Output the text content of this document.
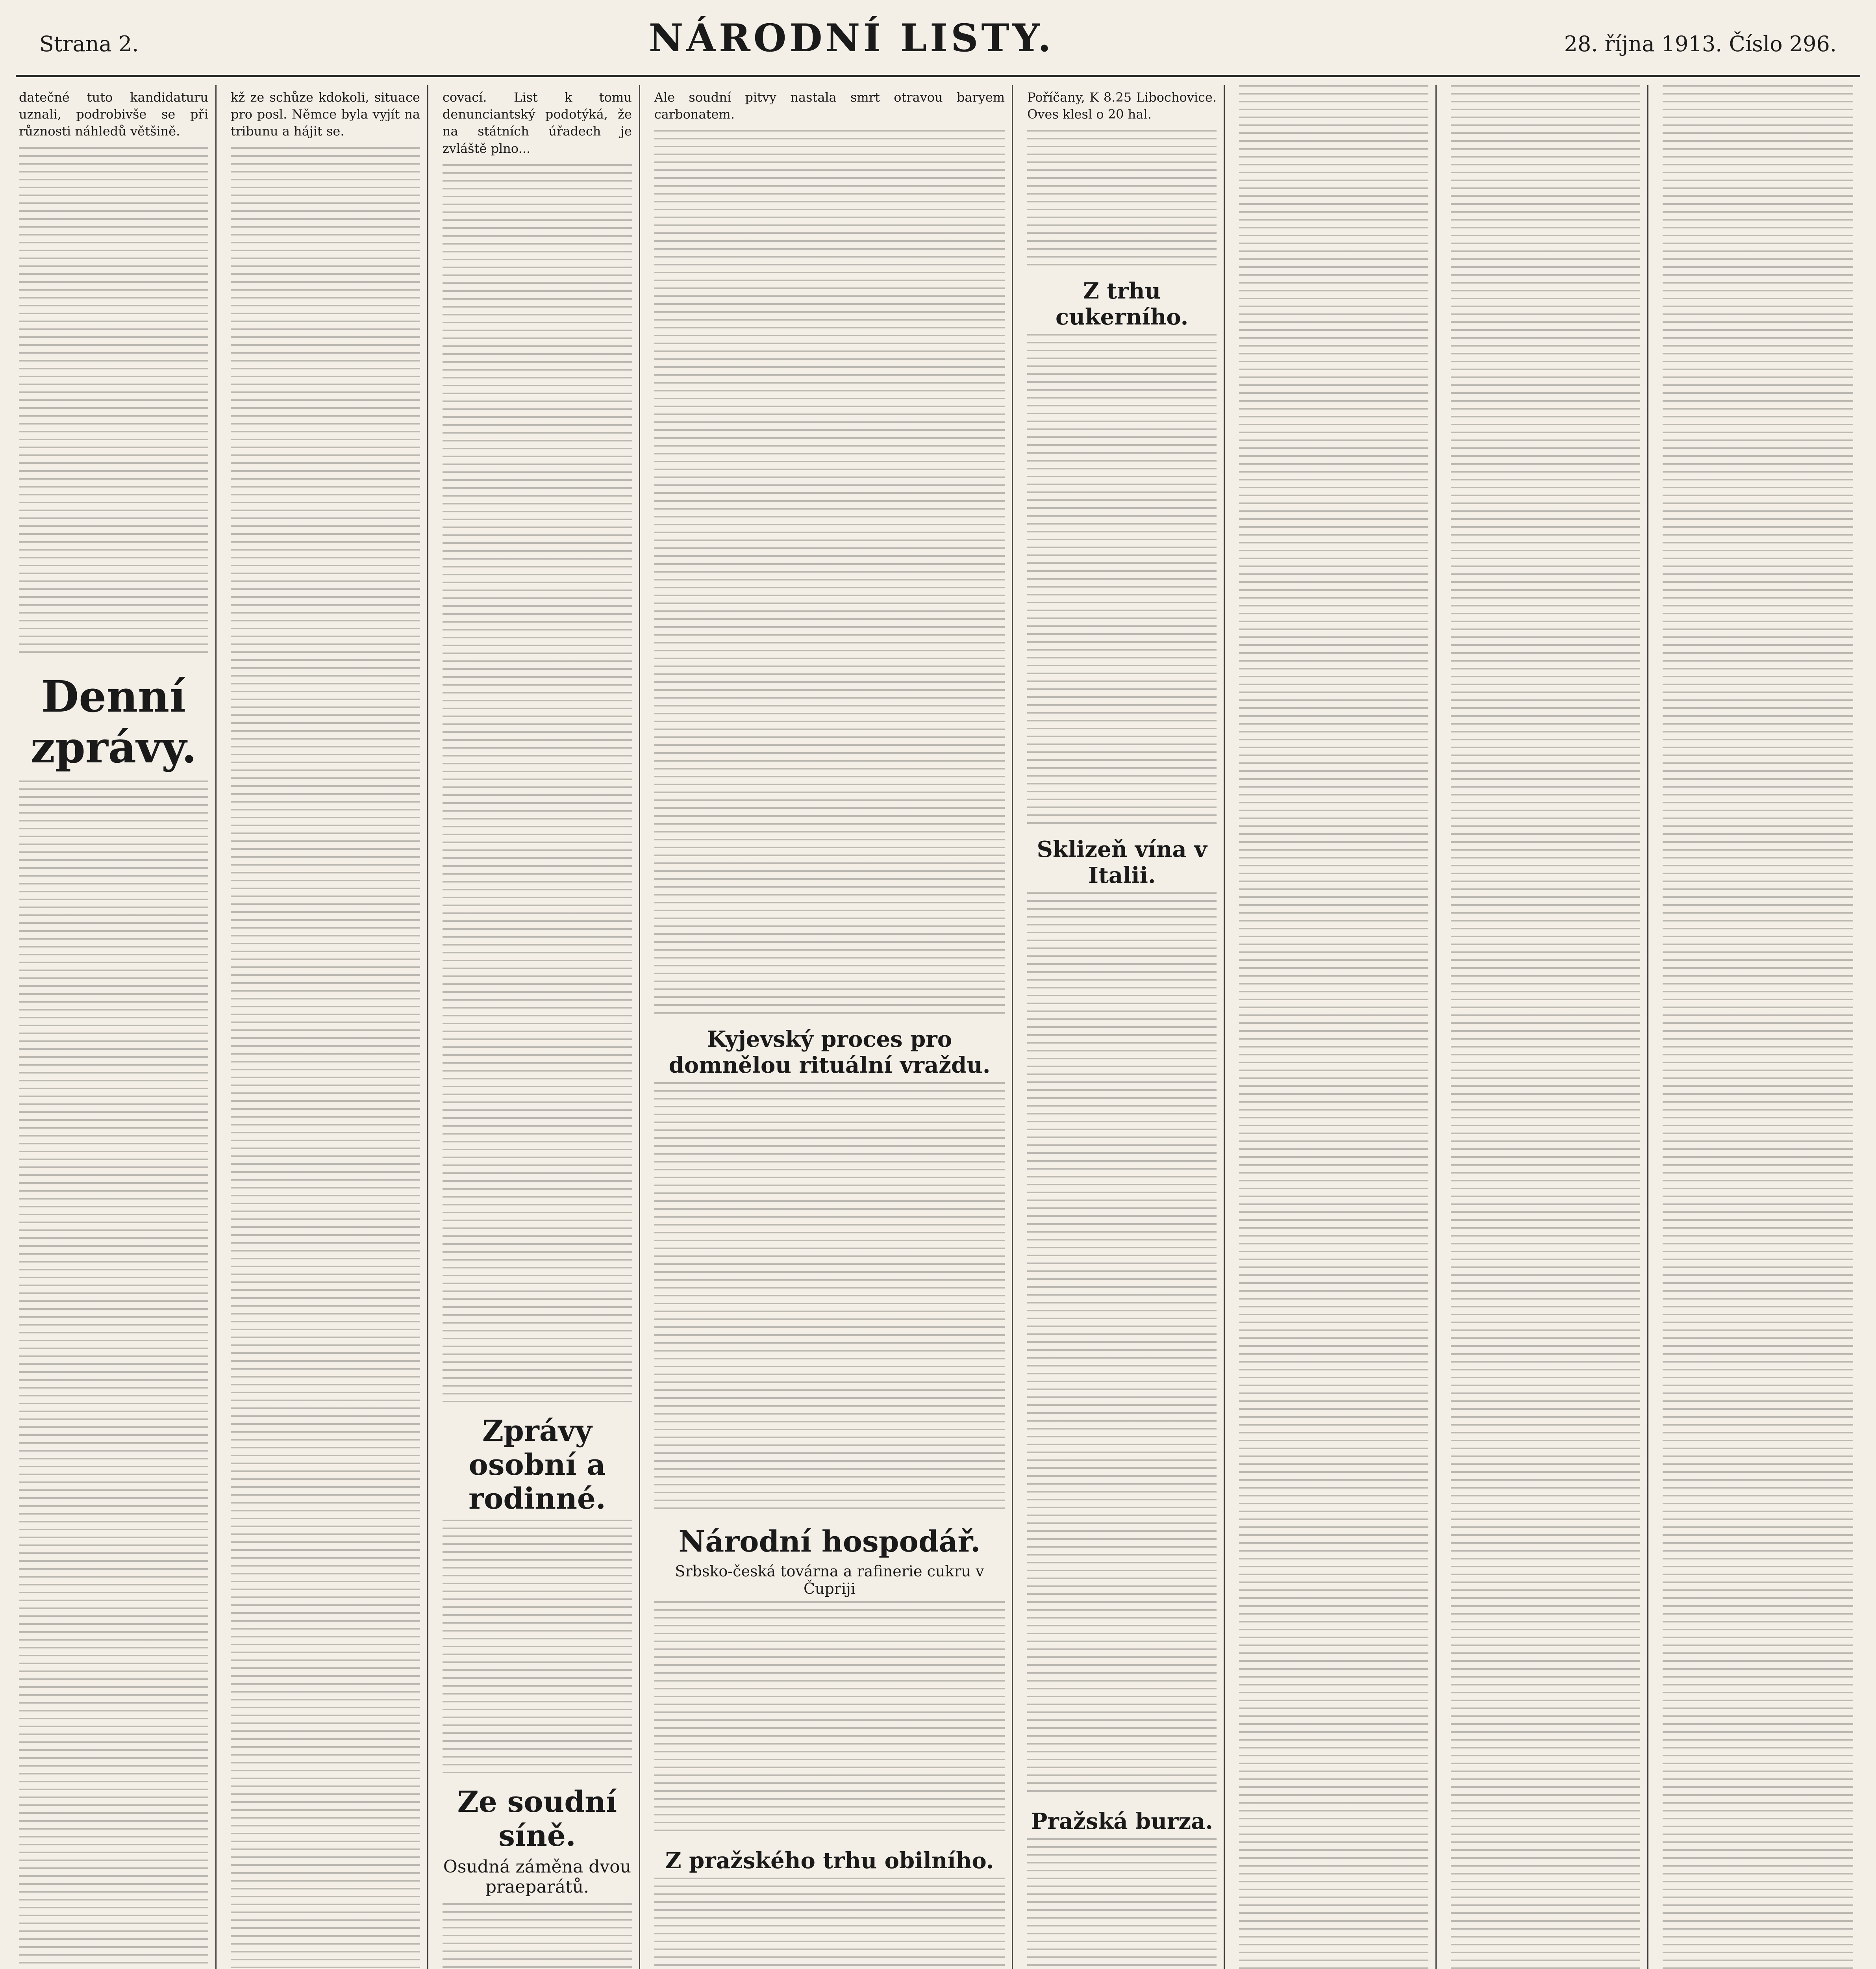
Strana 2.	NÁRODNÍ LISTY.	28. října 1913. Číslo 296.
datečné tuto kandidaturu uznali, podrobivše se při různosti náhledů většině.
Denní zprávy.
kž ze schůze kdokoli, situace pro posl. Němce byla vyjít na tribunu a hájit se.
covací. List k tomu denunciantský podotýká, že na státních úřadech je zvláště plno...
Zprávy osobní a rodinné.
Ze soudní síně.
Osudná záměna dvou praeparátů.
Ale soudní pitvy nastala smrt otravou baryem carbonatem.
Kyjevský proces pro domnělou rituální vraždu.
Národní hospodář.
Srbsko-česká továrna a rafinerie cukru v Čupriji
Z pražského trhu obilního.
Poříčany, K 8.25 Libochovice. Oves klesl o 20 hal.
Z trhu cukerního.
Sklizeň vína v Italii.
Pražská burza.
